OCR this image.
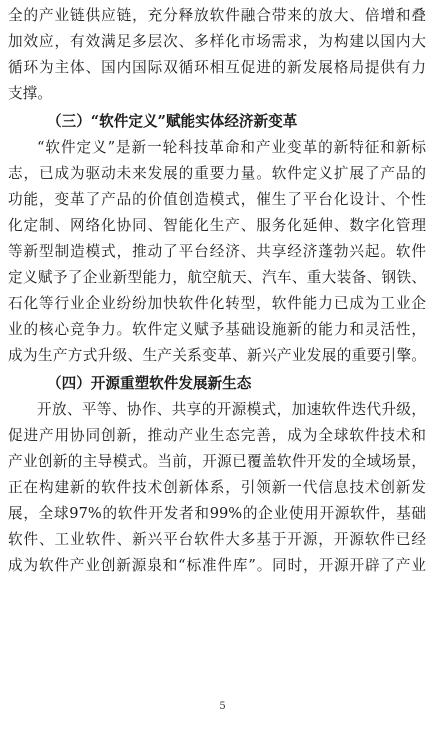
全的产业链供应链，充分释放软件融合带来的放大、倍增和叠
加效应，有效满足多层次、多样化市场需求，为构建以国内大
循环为主体、国内国际双循环相互促进的新发展格局提供有力
支撑。
（三）“软件定义”赋能实体经济新变革
“软件定义”是新一轮科技革命和产业变革的新特征和新标
志，已成为驱动未来发展的重要力量。软件定义扩展了产品的
功能，变革了产品的价值创造模式，催生了平台化设计、个性
化定制、网络化协同、智能化生产、服务化延伸、数字化管理
等新型制造模式，推动了平台经济、共享经济蓬勃兴起。软件
定义赋予了企业新型能力，航空航天、汽车、重大装备、钢铁、
石化等行业企业纷纷加快软件化转型，软件能力已成为工业企
业的核心竞争力。软件定义赋予基础设施新的能力和灵活性，
成为生产方式升级、生产关系变革、新兴产业发展的重要引擎。
（四）开源重塑软件发展新生态
开放、平等、协作、共享的开源模式，加速软件迭代升级，
促进产用协同创新，推动产业生态完善，成为全球软件技术和
产业创新的主导模式。当前，开源已覆盖软件开发的全域场景，
正在构建新的软件技术创新体系，引领新一代信息技术创新发
展，全球97%的软件开发者和99%的企业使用开源软件，基础
软件、工业软件、新兴平台软件大多基于开源，开源软件已经
成为软件产业创新源泉和“标准件库”。同时，开源开辟了产业
5
